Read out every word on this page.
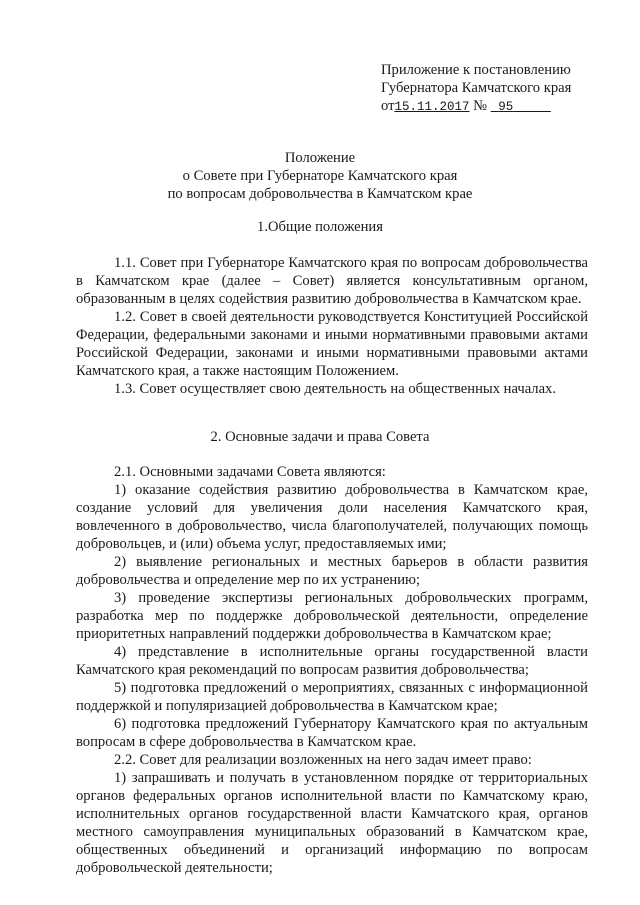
Приложение к постановлению
Губернатора Камчатского края
от15.11.2017 № 95
Положение
о Совете при Губернаторе Камчатского края
по вопросам добровольчества в Камчатском крае
1.Общие положения

1.1. Совет при Губернаторе Камчатского края по вопросам добровольчества в Камчатском крае (далее – Совет) является консультативным органом, образованным в целях содействия развитию добровольчества в Камчатском крае.

1.2. Совет в своей деятельности руководствуется Конституцией Российской Федерации, федеральными законами и иными нормативными правовыми актами Российской Федерации, законами и иными нормативными правовыми актами Камчатского края, а также настоящим Положением.

1.3. Совет осуществляет свою деятельность на общественных началах.

2. Основные задачи и права Совета

2.1. Основными задачами Совета являются:

1) оказание содействия развитию добровольчества в Камчатском крае, создание условий для увеличения доли населения Камчатского края, вовлеченного в добровольчество, числа благополучателей, получающих помощь добровольцев, и (или) объема услуг, предоставляемых ими;

2) выявление региональных и местных барьеров в области развития добровольчества и определение мер по их устранению;

3) проведение экспертизы региональных добровольческих программ, разработка мер по поддержке добровольческой деятельности, определение приоритетных направлений поддержки добровольчества в Камчатском крае;

4) представление в исполнительные органы государственной власти Камчатского края рекомендаций по вопросам развития добровольчества;

5) подготовка предложений о мероприятиях, связанных с информационной поддержкой и популяризацией добровольчества в Камчатском крае;

6) подготовка предложений Губернатору Камчатского края по актуальным вопросам в сфере добровольчества в Камчатском крае.

2.2. Совет для реализации возложенных на него задач имеет право:

1) запрашивать и получать в установленном порядке от территориальных органов федеральных органов исполнительной власти по Камчатскому краю, исполнительных органов государственной власти Камчатского края, органов местного самоуправления муниципальных образований в Камчатском крае, общественных объединений и организаций информацию по вопросам добровольческой деятельности;
